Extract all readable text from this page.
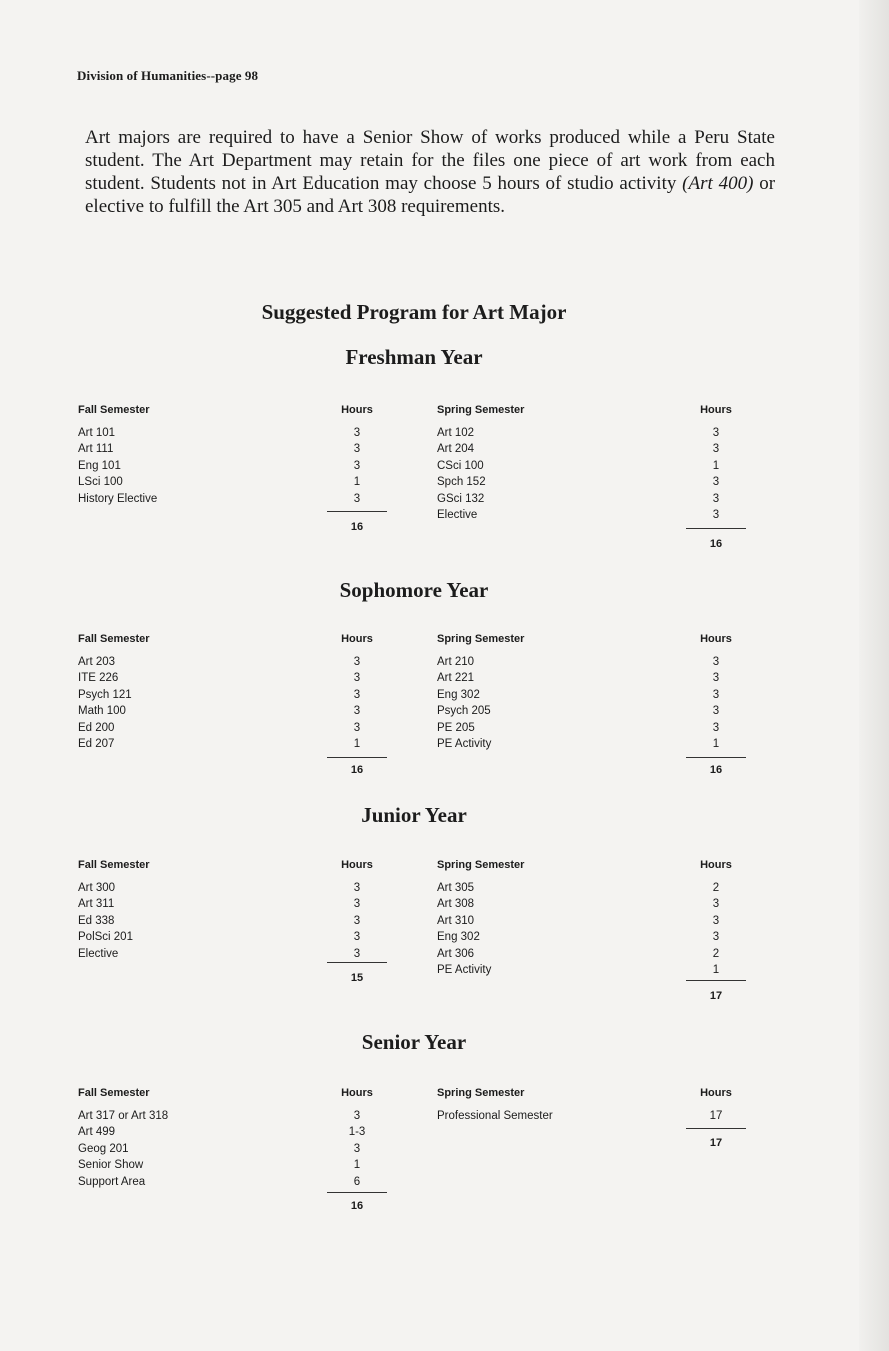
Division of Humanities--page 98

Art majors are required to have a Senior Show of works produced while a Peru State student. The Art Department may retain for the files one piece of art work from each student. Students not in Art Education may choose 5 hours of studio activity (Art 400) or elective to fulfill the Art 305 and Art 308 requirements.

Suggested Program for Art Major
Freshman Year
Fall Semester
Art 101
Art 111
Eng 101
LSci 100
History Elective
Hours
3
3
3
1
3
Spring Semester
Art 102
Art 204
CSci 100
Spch 152
GSci 132
Elective
Hours
3
3
1
3
3
3
16
16
Sophomore Year
Fall Semester
Art 203
ITE 226
Psych 121
Math 100
Ed 200
Ed 207
Hours
3
3
3
3
3
1
Spring Semester
Art 210
Art 221
Eng 302
Psych 205
PE 205
PE Activity
Hours
3
3
3
3
3
1
16	16
Junior Year
Fall Semester
Art 300
Art 311
Ed 338
PolSci 201
Elective
Hours
3
3
3
3
3
Spring Semester
Art 305
Art 308
Art 310
Eng 302
Art 306
PE Activity
Hours
2
3
3
3
2
1
15
17
Senior Year
Fall Semester
Art 317 or Art 318
Art 499
Geog 201
Senior Show
Support Area
Hours
3
1-3
3
1
6
Spring Semester
Professional Semester
Hours
17
16
17
